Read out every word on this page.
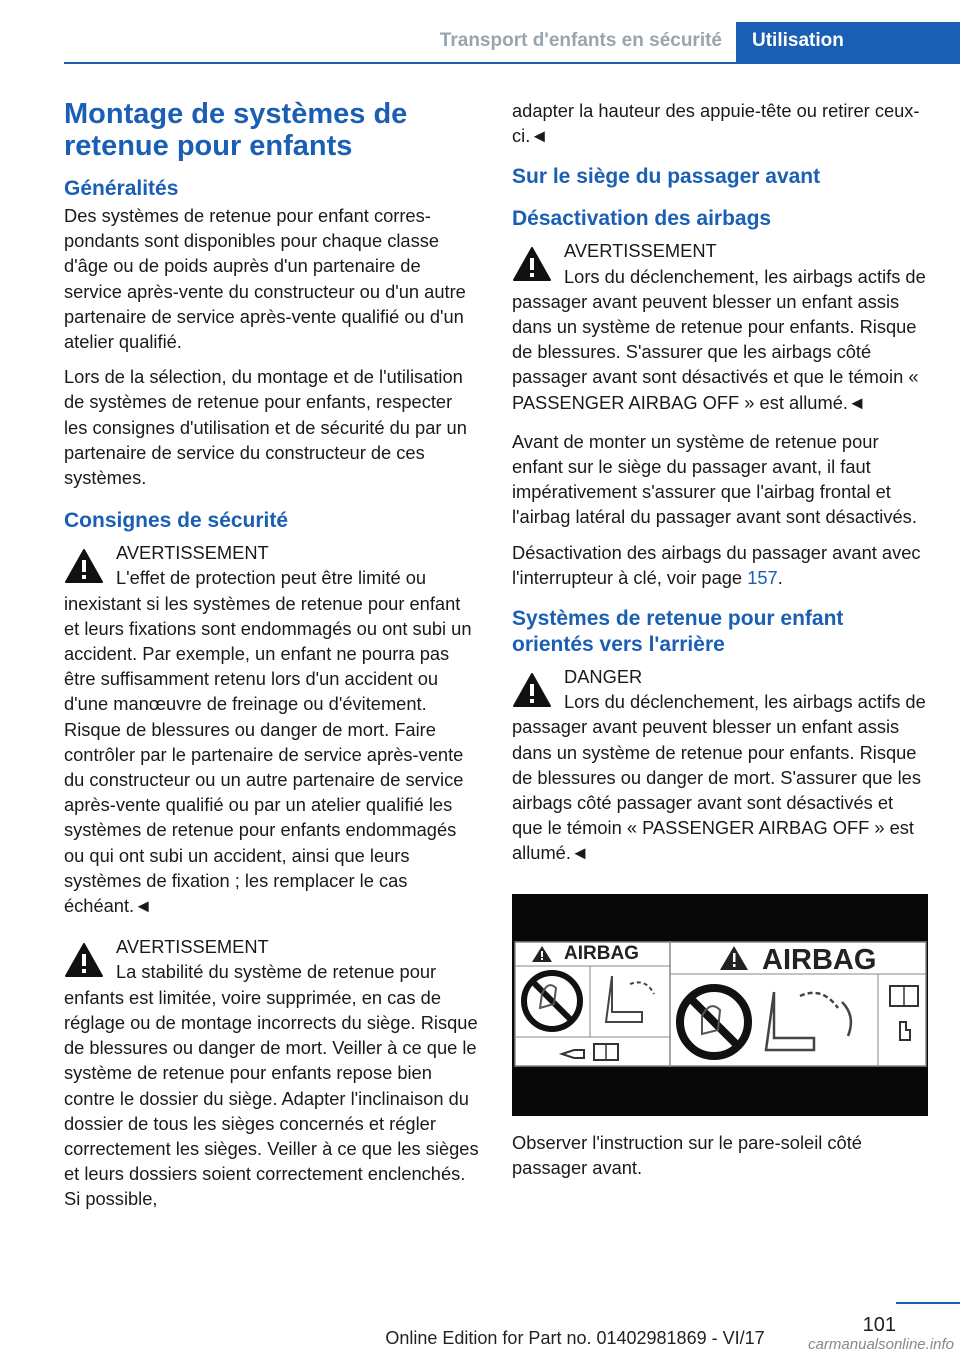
Transport d'enfants en sécurité	Utilisation
Montage de systèmes de retenue pour enfants
Généralités

Des systèmes de retenue pour enfant correspondants sont disponibles pour chaque classe d'âge ou de poids auprès d'un partenaire de service après-vente du constructeur ou d'un autre partenaire de service après-vente qualifié ou d'un atelier qualifié.

Lors de la sélection, du montage et de l'utilisation de systèmes de retenue pour enfants, respecter les consignes d'utilisation et de sécurité du par un partenaire de service du constructeur de ces systèmes.

Consignes de sécurité
AVERTISSEMENT

L'effet de protection peut être limité ou inexistant si les systèmes de retenue pour enfant et leurs fixations sont endommagés ou ont subi un accident. Par exemple, un enfant ne pourra pas être suffisamment retenu lors d'un accident ou d'une manœuvre de freinage ou d'évitement. Risque de blessures ou danger de mort. Faire contrôler par le partenaire de service après-vente du constructeur ou un autre partenaire de service après-vente qualifié ou par un atelier qualifié les systèmes de retenue pour enfants endommagés ou qui ont subi un accident, ainsi que leurs systèmes de fixation ; les remplacer le cas échéant.◄

AVERTISSEMENT

La stabilité du système de retenue pour enfants est limitée, voire supprimée, en cas de réglage ou de montage incorrects du siège. Risque de blessures ou danger de mort. Veiller à ce que le système de retenue pour enfants repose bien contre le dossier du siège. Adapter l'inclinaison du dossier de tous les sièges concernés et régler correctement les sièges. Veiller à ce que les sièges et leurs dossiers soient correctement enclenchés. Si possible,

adapter la hauteur des appuie-tête ou retirer ceux-ci.◄

Sur le siège du passager avant
Désactivation des airbags
AVERTISSEMENT

Lors du déclenchement, les airbags actifs de passager avant peuvent blesser un enfant assis dans un système de retenue pour enfants. Risque de blessures. S'assurer que les airbags côté passager avant sont désactivés et que le témoin « PASSENGER AIRBAG OFF » est allumé.◄

Avant de monter un système de retenue pour enfant sur le siège du passager avant, il faut impérativement s'assurer que l'airbag frontal et l'airbag latéral du passager avant sont désactivés.

Désactivation des airbags du passager avant avec l'interrupteur à clé, voir page 157.

Systèmes de retenue pour enfant orientés vers l'arrière
DANGER

Lors du déclenchement, les airbags actifs de passager avant peuvent blesser un enfant assis dans un système de retenue pour enfants. Risque de blessures ou danger de mort. S'assurer que les airbags côté passager avant sont désactivés et que le témoin « PASSENGER AIRBAG OFF » est allumé.◄

AIRBAG	AIRBAG

Observer l'instruction sur le pare-soleil côté passager avant.

101
Online Edition for Part no. 01402981869 - VI/17	carmanualsonline.info
